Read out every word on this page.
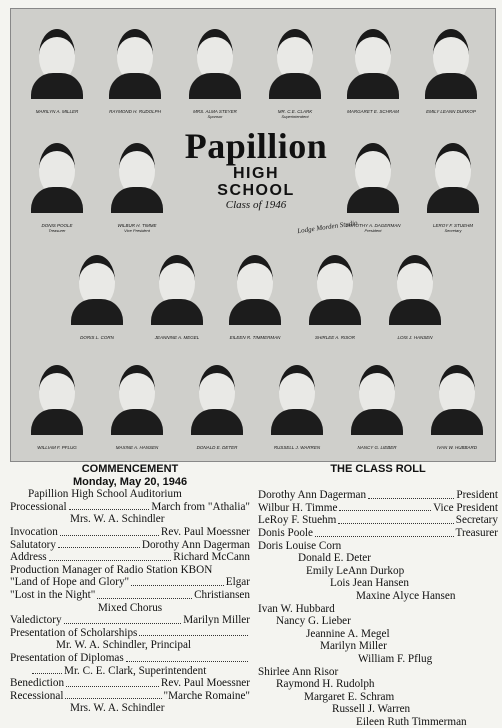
MARILYN A. MILLER	RAYMOND H. RUDOLPH	MRS. ALMA STEYER
Sponsor
MR. C.E. CLARK
Superintendent
MARGARET E. SCHRAM	EMILY LEANN DURKOP
DONIS POOLE
Treasurer
WILBUR H. TIMME
Vice President
DOROTHY A. DAGERMAN
President
LEROY F. STUEHM
Secretary
DORIS L. CORN	JEANNINE A. MEGEL	EILEEN R. TIMMERMAN	SHIRLEE A. RISOR	LOIS J. HANSEN
WILLIAM F. PFLUG	MAXINE A. HANSEN	DONALD E. DETER	RUSSELL J. WARREN	NANCY G. LIEBER	IVAN W. HUBBARD
Papillion
HIGH
SCHOOL
Class of 1946
Lodge Morden Studio
COMMENCEMENT
Monday, May 20, 1946
Papillion High School Auditorium
Processional	March from "Athalia"
Mrs. W. A. Schindler
Invocation	Rev. Paul Moessner
Salutatory	Dorothy Ann Dagerman
Address	Richard McCann
Production Manager of Radio Station KBON
"Land of Hope and Glory"	Elgar
"Lost in the Night"	Christiansen
Mixed Chorus
Valedictory	Marilyn Miller
Presentation of Scholarships
Mr. W. A. Schindler, Principal
Presentation of Diplomas
Mr. C. E. Clark, Superintendent
Benediction	Rev. Paul Moessner
Recessional	"Marche Romaine"
Mrs. W. A. Schindler
THE CLASS ROLL
Dorothy Ann Dagerman	President
Wilbur H. Timme	Vice President
LeRoy F. Stuehm	Secretary
Donis Poole	Treasurer
Doris Louise Corn
Donald E. Deter
Emily LeAnn Durkop
Lois Jean Hansen
Maxine Alyce Hansen
Ivan W. Hubbard
Nancy G. Lieber
Jeannine A. Megel
Marilyn Miller
William F. Pflug
Shirlee Ann Risor
Raymond H. Rudolph
Margaret E. Schram
Russell J. Warren
Eileen Ruth Timmerman
